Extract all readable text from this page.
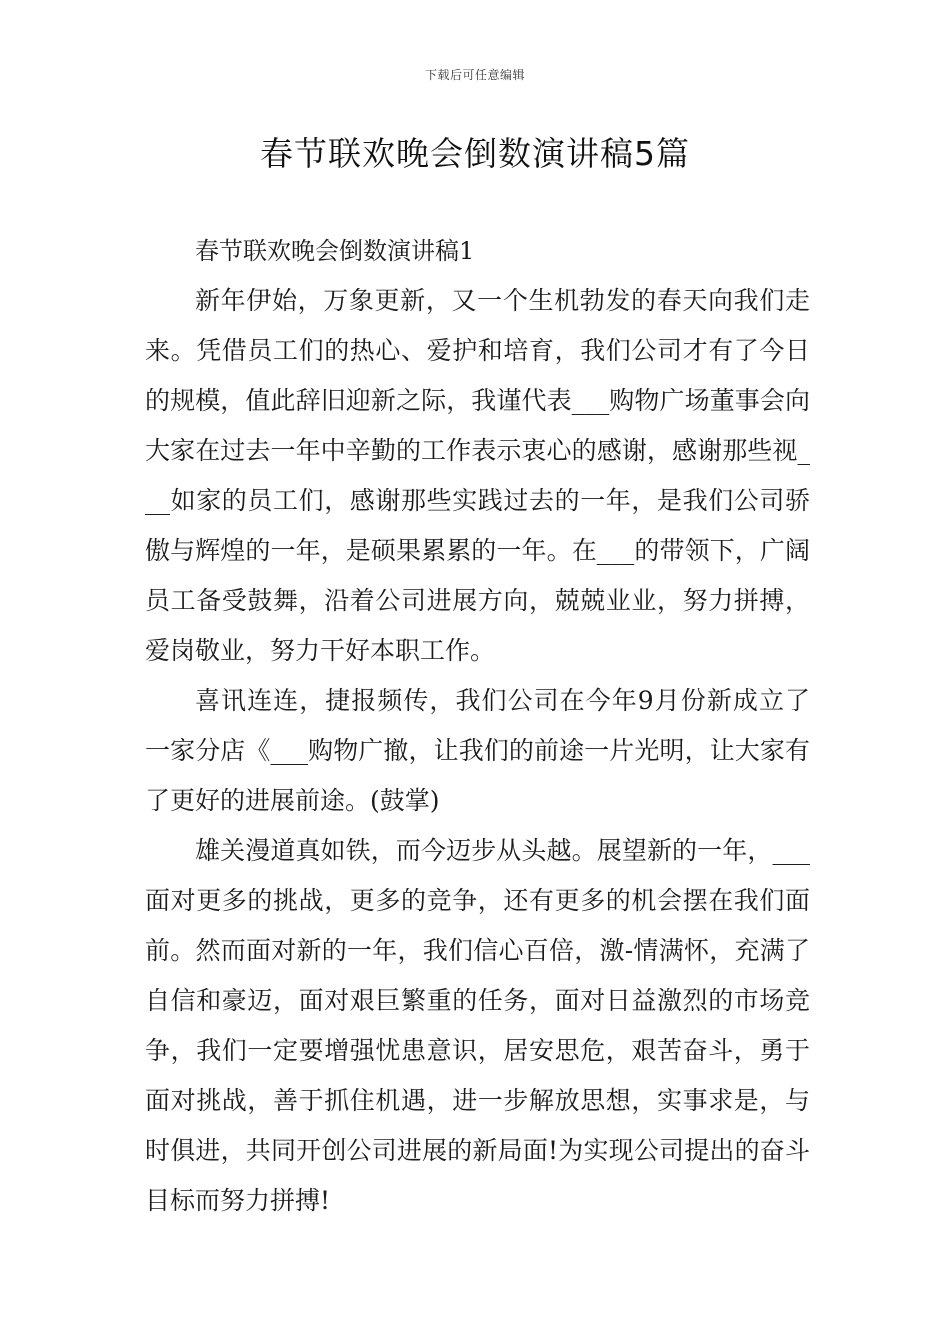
下载后可任意编辑
春节联欢晚会倒数演讲稿5篇

春节联欢晚会倒数演讲稿1

新年伊始，万象更新，又一个生机勃发的春天向我们走来。凭借员工们的热心、爱护和培育，我们公司才有了今日的规模，值此辞旧迎新之际，我谨代表___购物广场董事会向大家在过去一年中辛勤的工作表示衷心的感谢，感谢那些视___如家的员工们，感谢那些实践过去的一年，是我们公司骄傲与辉煌的一年，是硕果累累的一年。在___的带领下，广阔员工备受鼓舞，沿着公司进展方向，兢兢业业，努力拼搏，爱岗敬业，努力干好本职工作。

喜讯连连，捷报频传，我们公司在今年9月份新成立了一家分店《___购物广撤，让我们的前途一片光明，让大家有了更好的进展前途。(鼓掌)

雄关漫道真如铁，而今迈步从头越。展望新的一年，___面对更多的挑战，更多的竞争，还有更多的机会摆在我们面前。然而面对新的一年，我们信心百倍，激-情满怀，充满了自信和豪迈，面对艰巨繁重的任务，面对日益激烈的市场竞争，我们一定要增强忧患意识，居安思危，艰苦奋斗，勇于面对挑战，善于抓住机遇，进一步解放思想，实事求是，与时俱进，共同开创公司进展的新局面!为实现公司提出的奋斗目标而努力拼搏!
